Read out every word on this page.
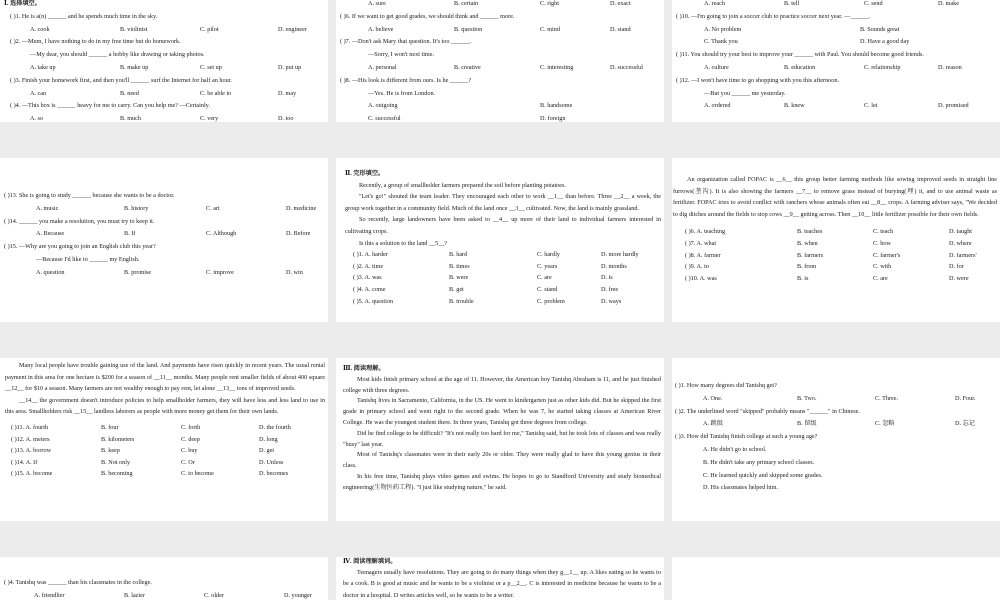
Ⅰ. 选择填空。

( )1. He is a(n) ______ and he spends much time in the sky.

A. cook	B. violinist	C. pilot	D. engineer

( )2. —Mum, I have nothing to do in my free time but do homework.

—My dear, you should ______ a hobby like drawing or taking photos.

A. take up	B. make up	C. set up	D. put up

( )3. Finish your homework first, and then you'll ______ surf the Internet for half an hour.

A. can	B. need	C. be able to	D. may

( )4. —This box is ______ heavy for me to carry. Can you help me? —Certainly.

A. so	B. much	C. very	D. too
A. sure	B. certain	C. right	D. exact

( )6. If we want to get good grades, we should think and ______ more.

A. believe	B. question	C. mind	D. stand

( )7. —Don't ask Mary that question. It's too ______.

—Sorry, I won't next time.

A. personal	B. creative	C. interesting	D. successful

( )8. —His look is different from ours. Is he ______?

—Yes. He is from London.

A. outgoing	B. handsome
C. successful	D. foreign
A. reach	B. tell	C. send	D. make

( )10. —I'm going to join a soccer club to practice soccer next year. —______.

A. No problem	B. Sounds great
C. Thank you	D. Have a good day

( )11. You should try your best to improve your ______ with Paul. You should become good friends.

A. culture	B. education	C. relationship	D. reason

( )12. —I won't have time to go shopping with you this afternoon.

—But you ______ me yesterday.

A. ordered	B. knew	C. let	D. promised

( )13. She is going to study ______ because she wants to be a doctor.

A. music	B. history	C. art	D. medicine

( )14. ______ you make a resolution, you must try to keep it.

A. Because	B. If	C. Although	D. Before

( )15. —Why are you going to join an English club this year?

—Because I'd like to ______ my English.

A. question	B. promise	C. improve	D. win

Ⅱ. 完形填空。

Recently, a group of smallholder farmers prepared the soil before planting potatoes.

"Let's go!" shouted the team leader. They encouraged each other to work __1__ than before. Three __2__ a week, the group work together in a community field. Much of the land once __3__ cultivated. Now, the land is mainly grassland.

So recently, large landowners have been asked to __4__ up more of their land to individual farmers interested in cultivating crops.

Is this a solution to the land __5__?

( )1. A. harder	B. hard	C. hardly	D. more hardly
( )2. A. time	B. times	C. years	D. months
( )3. A. was	B. were	C. are	D. is
( )4. A. come	B. get	C. stand	D. free
( )5. A. question	B. trouble	C. problem	D. ways

An organization called FOPAC is __6__ this group better farming methods like sowing improved seeds in straight line furrows(垄沟). It is also showing the farmers __7__ to remove grass instead of burying(埋) it, and to use animal waste as fertilizer. FOPAC tries to avoid conflict with ranchers whose animals often eat __8__ crops. A farming adviser says, "We decided to dig ditches around the fields to stop cows __9__ getting across. Then __10__ little fertilizer possible for their own fields.

( )6. A. teaching	B. teaches	C. teach	D. taught
( )7. A. what	B. when	C. how	D. where
( )8. A. farmer	B. farmers	C. farmer's	D. farmers'
( )9. A. to	B. from	C. with	D. for
( )10. A. was	B. is	C. are	D. were

Many local people have trouble gaining use of the land. And payments have risen quickly in recent years. The usual rental payment in this area for one hectare is $200 for a season of __11__ months. Many people rent smaller fields of about 400 square __12__ for $10 a season. Many farmers are not wealthy enough to pay rent, let alone __13__ tons of improved seeds.

__14__ the government doesn't introduce policies to help smallholder farmers, they will have less and less land to use in this area. Smallholders risk __15__ landless laborers as people with more money get them for their own lands.

( )11. A. fourth	B. four	C. forth	D. the fourth
( )12. A. meters	B. kilometers	C. deep	D. long
( )13. A. borrow	B. keep	C. buy	D. get
( )14. A. If	B. Not only	C. Or	D. Unless
( )15. A. become	B. becoming	C. to become	D. becomes

Ⅲ. 阅读理解。

Most kids finish primary school at the age of 11. However, the American boy Tanishq Abraham is 11, and he just finished college with three degrees.

Tanishq lives in Sacramento, California, in the US. He went to kindergarten just as other kids did. But he skipped the first grade in primary school and went right to the second grade. When he was 7, he started taking classes at American River College. He was the youngest student there. In three years, Tanishq got three degrees from college.

Did he find college to be difficult? "It's not really too hard for me," Tanishq said, but he took lots of classes and was really "busy" last year.

Most of Tanishq's classmates were in their early 20s or older. They were really glad to have this young genius in their class.

In his free time, Tanishq plays video games and swims. He hopes to go to Standford University and study biomedical engineering(生物医药工程). "I just like studying nature," he said.

( )1. How many degrees did Tanishq get?

A. One.	B. Two.	C. Three.	D. Four.

( )2. The underlined word "skipped" probably means "______" in Chinese.

A. 跳级	B. 留级	C. 忽略	D. 忘记

( )3. How did Tanishq finish college at such a young age?

A. He didn't go to school.

B. He didn't take any primary school classes.

C. He learned quickly and skipped some grades.

D. His classmates helped him.

( )4. Tanishq was ______ than his classmates in the college.

A. friendlier	B. lazier	C. older	D. younger

Ⅳ. 阅读理解填词。

Teenagers usually have resolutions. They are going to do many things when they g__1__ up. A likes eating so he wants to be a cook. B is good at music and he wants to be a violinist or a p__2__. C is interested in medicine because he wants to be a doctor in a hospital. D writes articles well, so he wants to be a writer.
